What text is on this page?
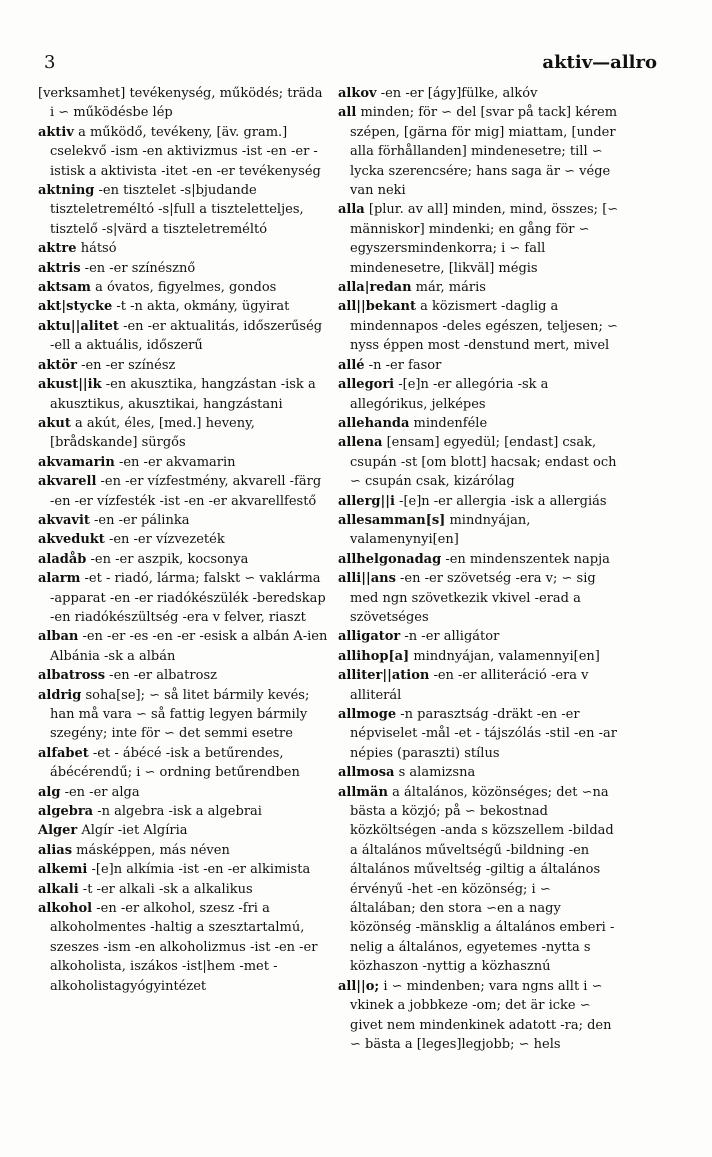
3	aktiv—allro

[verksamhet] tevékenység, működés; träda i ∽ működésbe lép

aktiv a működő, tevékeny, [äv. gram.] cselekvő -ism -en aktivizmus -ist -en -er -istisk a aktivista -itet -en -er tevékenység

aktning -en tisztelet -s|bjudande tiszteletreméltó -s|full a tiszteletteljes, tisztelő -s|värd a tiszteletreméltó

aktre hátsó

aktris -en -er színésznő

aktsam a óvatos, figyelmes, gondos

akt|stycke -t -n akta, okmány, ügyirat

aktu||alitet -en -er aktualitás, időszerűség -ell a aktuális, időszerű

aktör -en -er színész

akust||ik -en akusztika, hangzástan -isk a akusztikus, akusztikai, hangzástani

akut a akút, éles, [med.] heveny, [brådskande] sürgős

akvamarin -en -er akvamarin

akvarell -en -er vízfestmény, akvarell -färg -en -er vízfesték -ist -en -er akvarellfestő

akvavit -en -er pálinka

akvedukt -en -er vízvezeték

aladåb -en -er aszpik, kocsonya

alarm -et - riadó, lárma; falskt ∽ vaklárma -apparat -en -er riadókészülék -beredskap -en riadókészültség -era v felver, riaszt

alban -en -er -es -en -er -esisk a albán A-ien Albánia -sk a albán

albatross -en -er albatrosz

aldrig soha[se]; ∽ så litet bármily kevés; han må vara ∽ så fattig legyen bármily szegény; inte för ∽ det semmi esetre

alfabet -et - ábécé -isk a betűrendes, ábécérendű; i ∽ ordning betűrendben

alg -en -er alga

algebra -n algebra -isk a algebrai

Alger Algír -iet Algíria

alias másképpen, más néven

alkemi -[e]n alkímia -ist -en -er alkimista

alkali -t -er alkali -sk a alkalikus

alkohol -en -er alkohol, szesz -fri a alkoholmentes -haltig a szesztartalmú, szeszes -ism -en alkoholizmus -ist -en -er alkoholista, iszákos -ist|hem -met - alkoholistagyógyintézet

alkov -en -er [ágy]fülke, alkóv

all minden; för ∽ del [svar på tack] kérem szépen, [gärna för mig] miattam, [under alla förhållanden] mindenesetre; till ∽ lycka szerencsére; hans saga är ∽ vége van neki

alla [plur. av all] minden, mind, összes; [∽ människor] mindenki; en gång för ∽ egyszersmindenkorra; i ∽ fall mindenesetre, [likväl] mégis

alla|redan már, máris

all||bekant a közismert -daglig a mindennapos -deles egészen, teljesen; ∽ nyss éppen most -denstund mert, mivel

allé -n -er fasor

allegori -[e]n -er allegória -sk a allegórikus, jelképes

allehanda mindenféle

allena [ensam] egyedül; [endast] csak, csupán -st [om blott] hacsak; endast och ∽ csupán csak, kizárólag

allerg||i -[e]n -er allergia -isk a allergiás

allesamman[s] mindnyájan, valamenynyi[en]

allhelgonadag -en mindenszentek napja

alli||ans -en -er szövetség -era v; ∽ sig med ngn szövetkezik vkivel -erad a szövetséges

alligator -n -er alligátor

allihop[a] mindnyájan, valamennyi[en]

alliter||ation -en -er alliteráció -era v alliterál

allmoge -n parasztság -dräkt -en -er népviselet -mål -et - tájszólás -stil -en -ar népies (paraszti) stílus

allmosa s alamizsna

allmän a általános, közönséges; det ∽na bästa a közjó; på ∽ bekostnad közköltségen -anda s közszellem -bildad a általános műveltségű -bildning -en általános műveltség -giltig a általános érvényű -het -en közönség; i ∽ általában; den stora ∽en a nagy közönség -mänsklig a általános emberi -nelig a általános, egyetemes -nytta s közhaszon -nyttig a közhasznú

all||o; i ∽ mindenben; vara ngns allt i ∽ vkinek a jobbkeze -om; det är icke ∽ givet nem mindenkinek adatott -ra; den ∽ bästa a [leges]legjobb; ∽ hels
